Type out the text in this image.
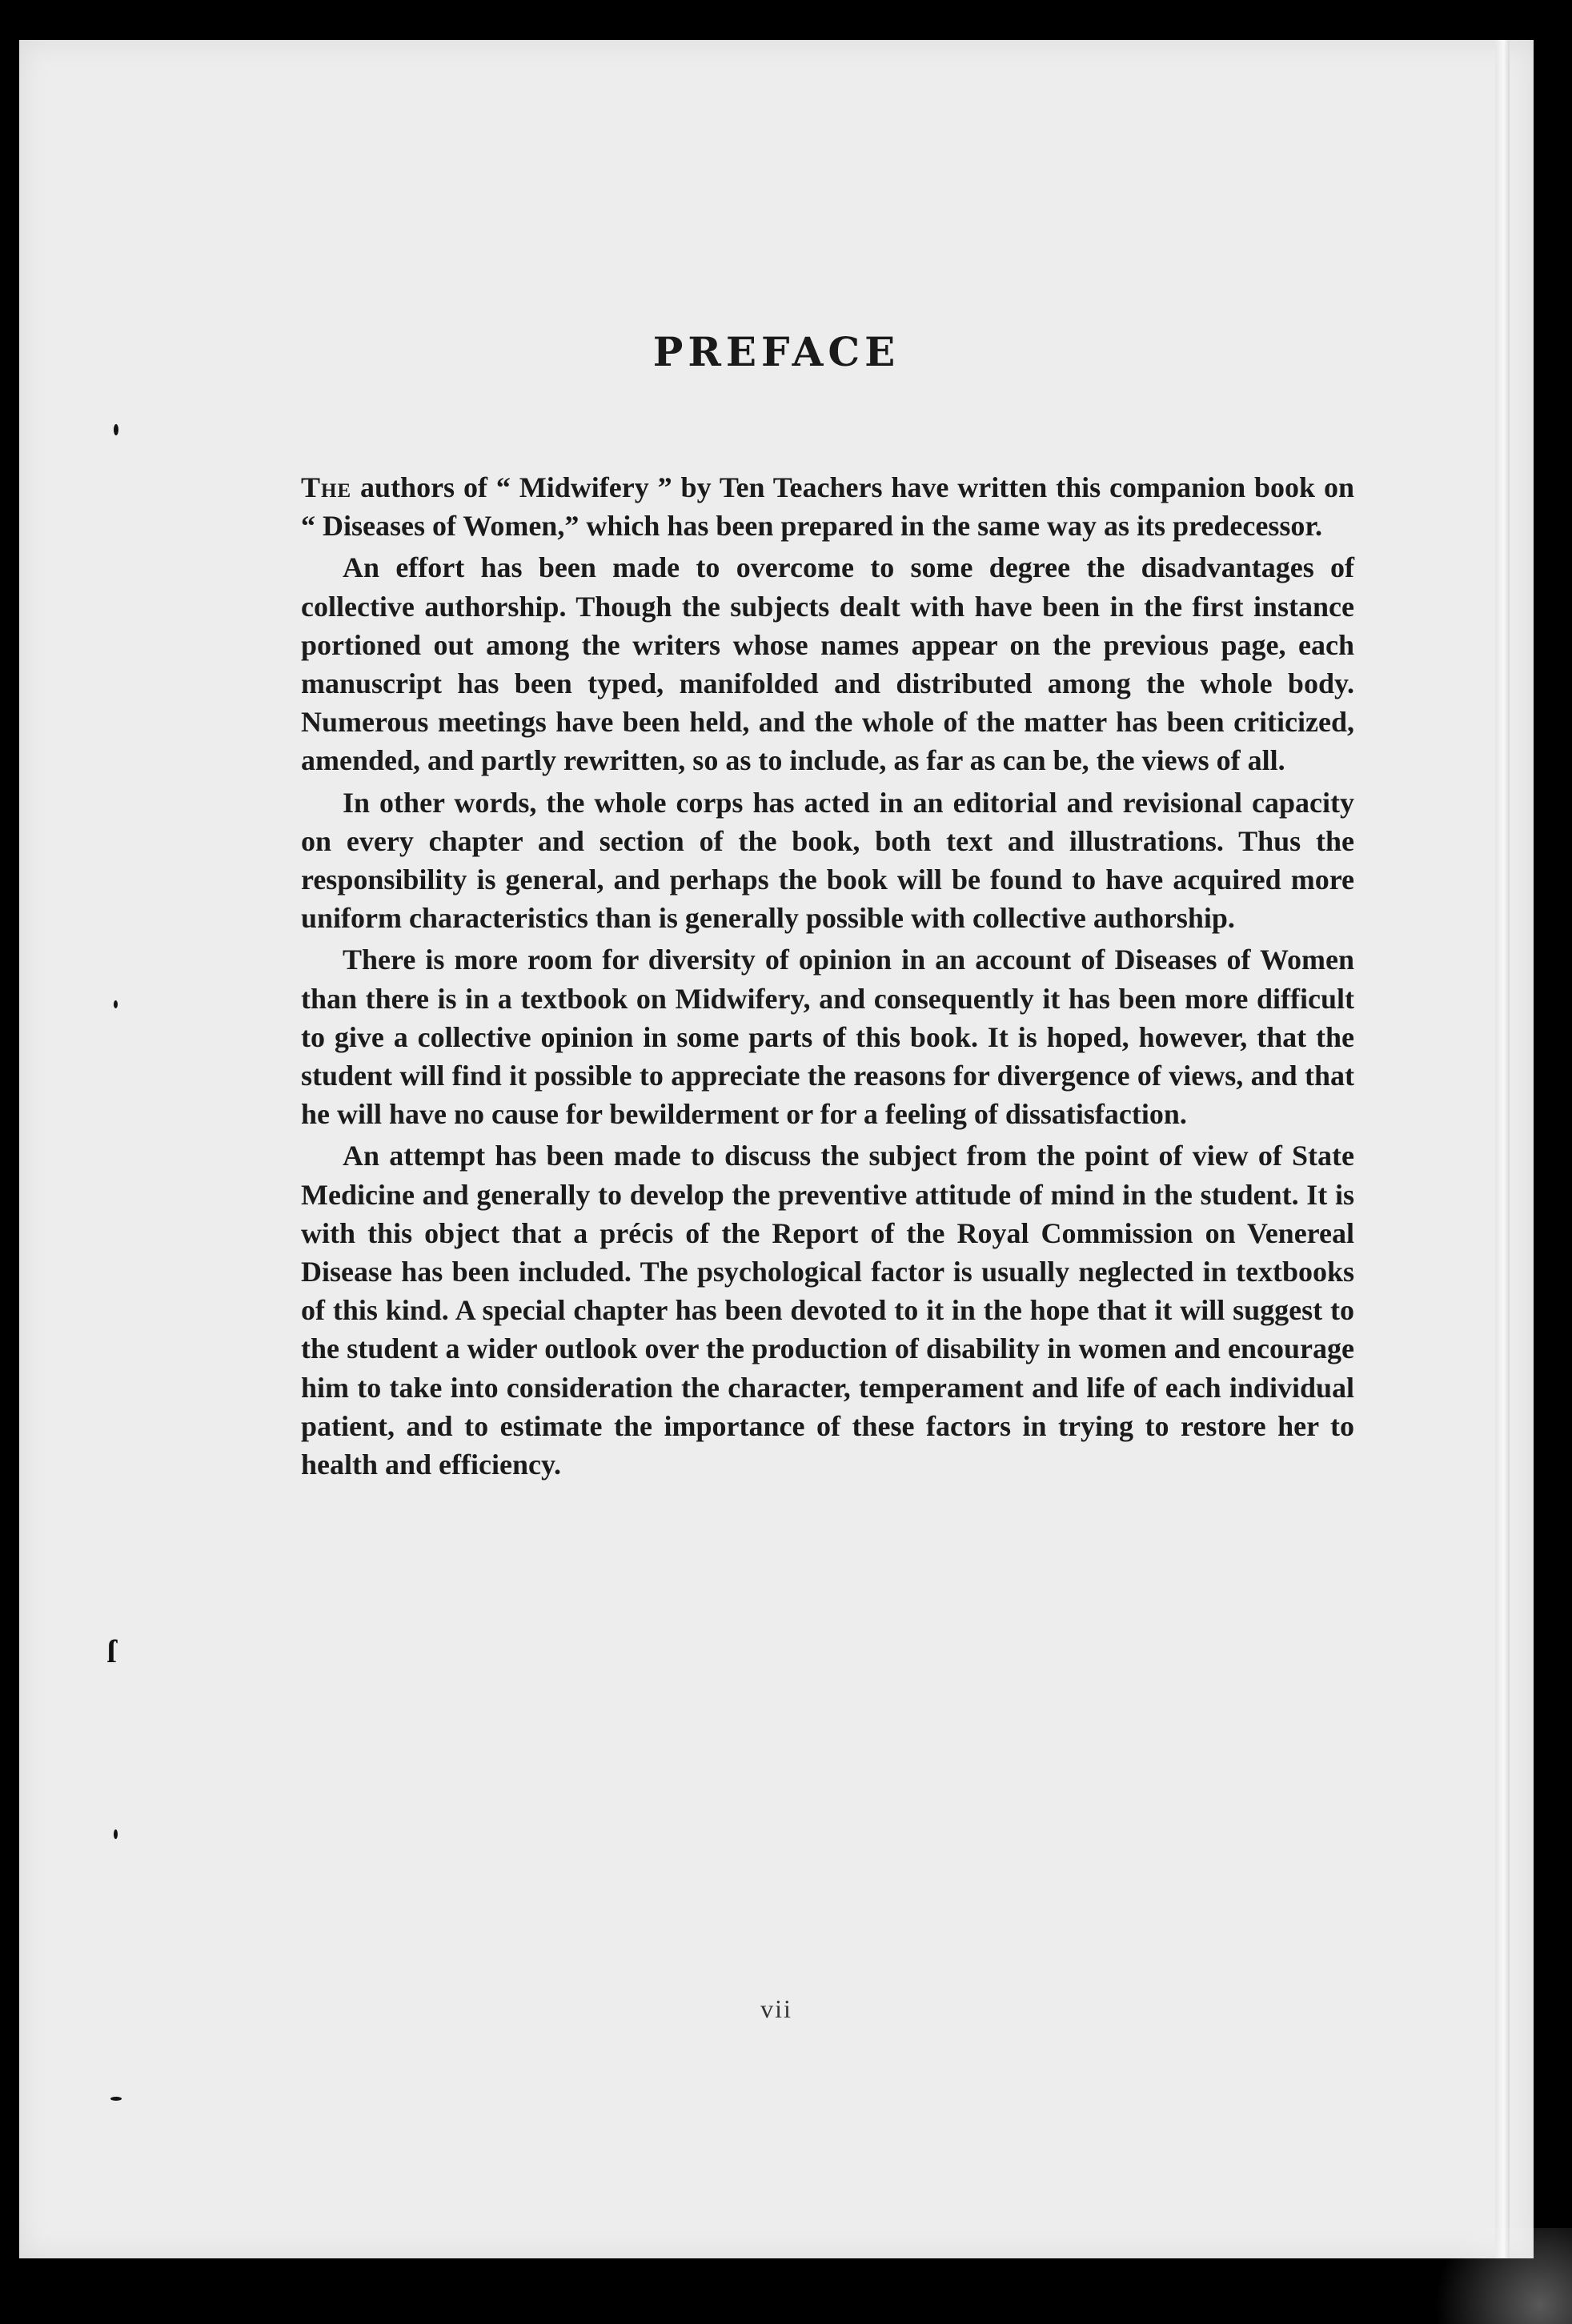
PREFACE

The authors of “ Midwifery ” by Ten Teachers have written this companion book on “ Diseases of Women,” which has been prepared in the same way as its predecessor.

An effort has been made to overcome to some degree the disadvantages of collective authorship. Though the subjects dealt with have been in the first instance portioned out among the writers whose names appear on the previous page, each manuscript has been typed, manifolded and distributed among the whole body. Numerous meetings have been held, and the whole of the matter has been criticized, amended, and partly rewritten, so as to include, as far as can be, the views of all.

In other words, the whole corps has acted in an editorial and revisional capacity on every chapter and section of the book, both text and illustrations. Thus the responsibility is general, and perhaps the book will be found to have acquired more uniform characteristics than is generally possible with collective authorship.

There is more room for diversity of opinion in an account of Diseases of Women than there is in a textbook on Midwifery, and consequently it has been more difficult to give a collective opinion in some parts of this book. It is hoped, however, that the student will find it possible to appreciate the reasons for divergence of views, and that he will have no cause for bewilderment or for a feeling of dissatisfaction.

An attempt has been made to discuss the subject from the point of view of State Medicine and generally to develop the preventive attitude of mind in the student. It is with this object that a précis of the Report of the Royal Commission on Venereal Disease has been included. The psychological factor is usually neglected in textbooks of this kind. A special chapter has been devoted to it in the hope that it will suggest to the student a wider outlook over the production of disability in women and encourage him to take into consideration the character, temperament and life of each individual patient, and to estimate the importance of these factors in trying to restore her to health and efficiency.

vii
ſ
